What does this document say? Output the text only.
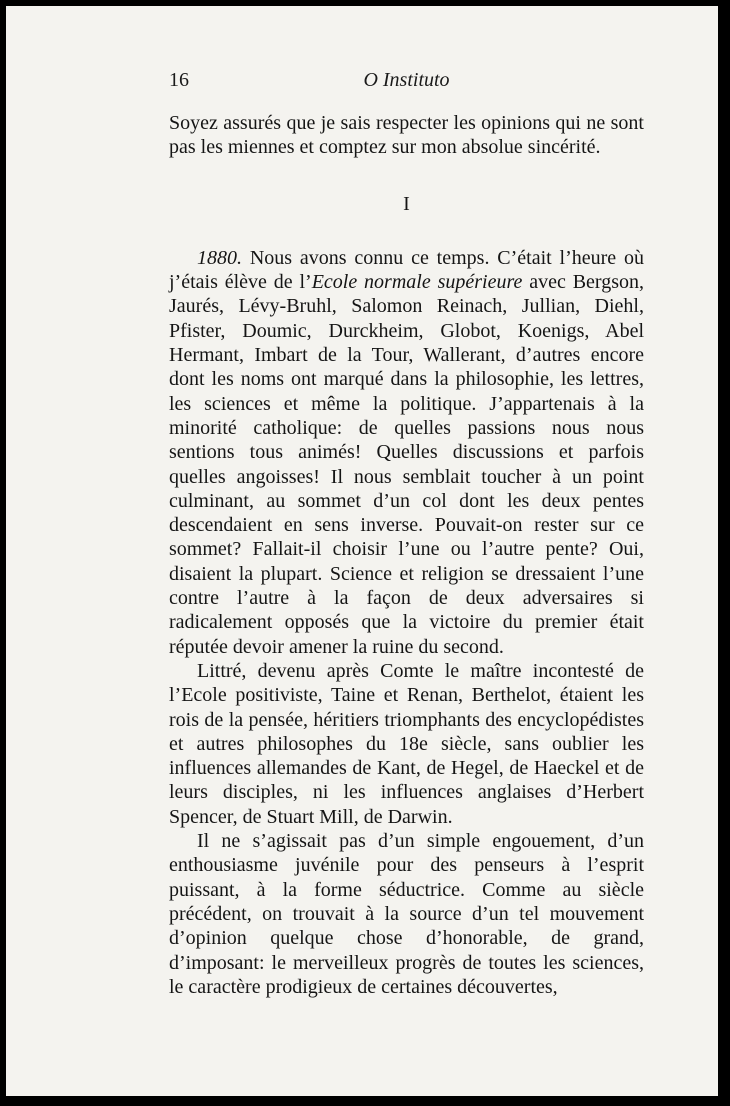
16	O Instituto

Soyez assurés que je sais respecter les opinions qui ne sont pas les miennes et comptez sur mon absolue sincérité.

I

1880. Nous avons connu ce temps. C’était l’heure où j’étais élève de l’Ecole normale supérieure avec Bergson, Jaurés, Lévy-Bruhl, Salomon Reinach, Jullian, Diehl, Pfister, Doumic, Durckheim, Globot, Koenigs, Abel Hermant, Imbart de la Tour, Wallerant, d’autres encore dont les noms ont marqué dans la philosophie, les lettres, les sciences et même la politique. J’appartenais à la minorité catholique: de quelles passions nous nous sentions tous animés! Quelles discussions et parfois quelles angoisses! Il nous semblait toucher à un point culminant, au sommet d’un col dont les deux pentes descendaient en sens inverse. Pouvait-on rester sur ce sommet? Fallait-il choisir l’une ou l’autre pente? Oui, disaient la plupart. Science et religion se dressaient l’une contre l’autre à la façon de deux adversaires si radicalement opposés que la victoire du premier était réputée devoir amener la ruine du second.

Littré, devenu après Comte le maître incontesté de l’Ecole positiviste, Taine et Renan, Berthelot, étaient les rois de la pensée, héritiers triomphants des encyclopédistes et autres philosophes du 18e siècle, sans oublier les influences allemandes de Kant, de Hegel, de Haeckel et de leurs disciples, ni les influences anglaises d’Herbert Spencer, de Stuart Mill, de Darwin.

Il ne s’agissait pas d’un simple engouement, d’un enthousiasme juvénile pour des penseurs à l’esprit puissant, à la forme séductrice. Comme au siècle précédent, on trouvait à la source d’un tel mouvement d’opinion quelque chose d’honorable, de grand, d’imposant: le merveilleux progrès de toutes les sciences, le caractère prodigieux de certaines découvertes,
